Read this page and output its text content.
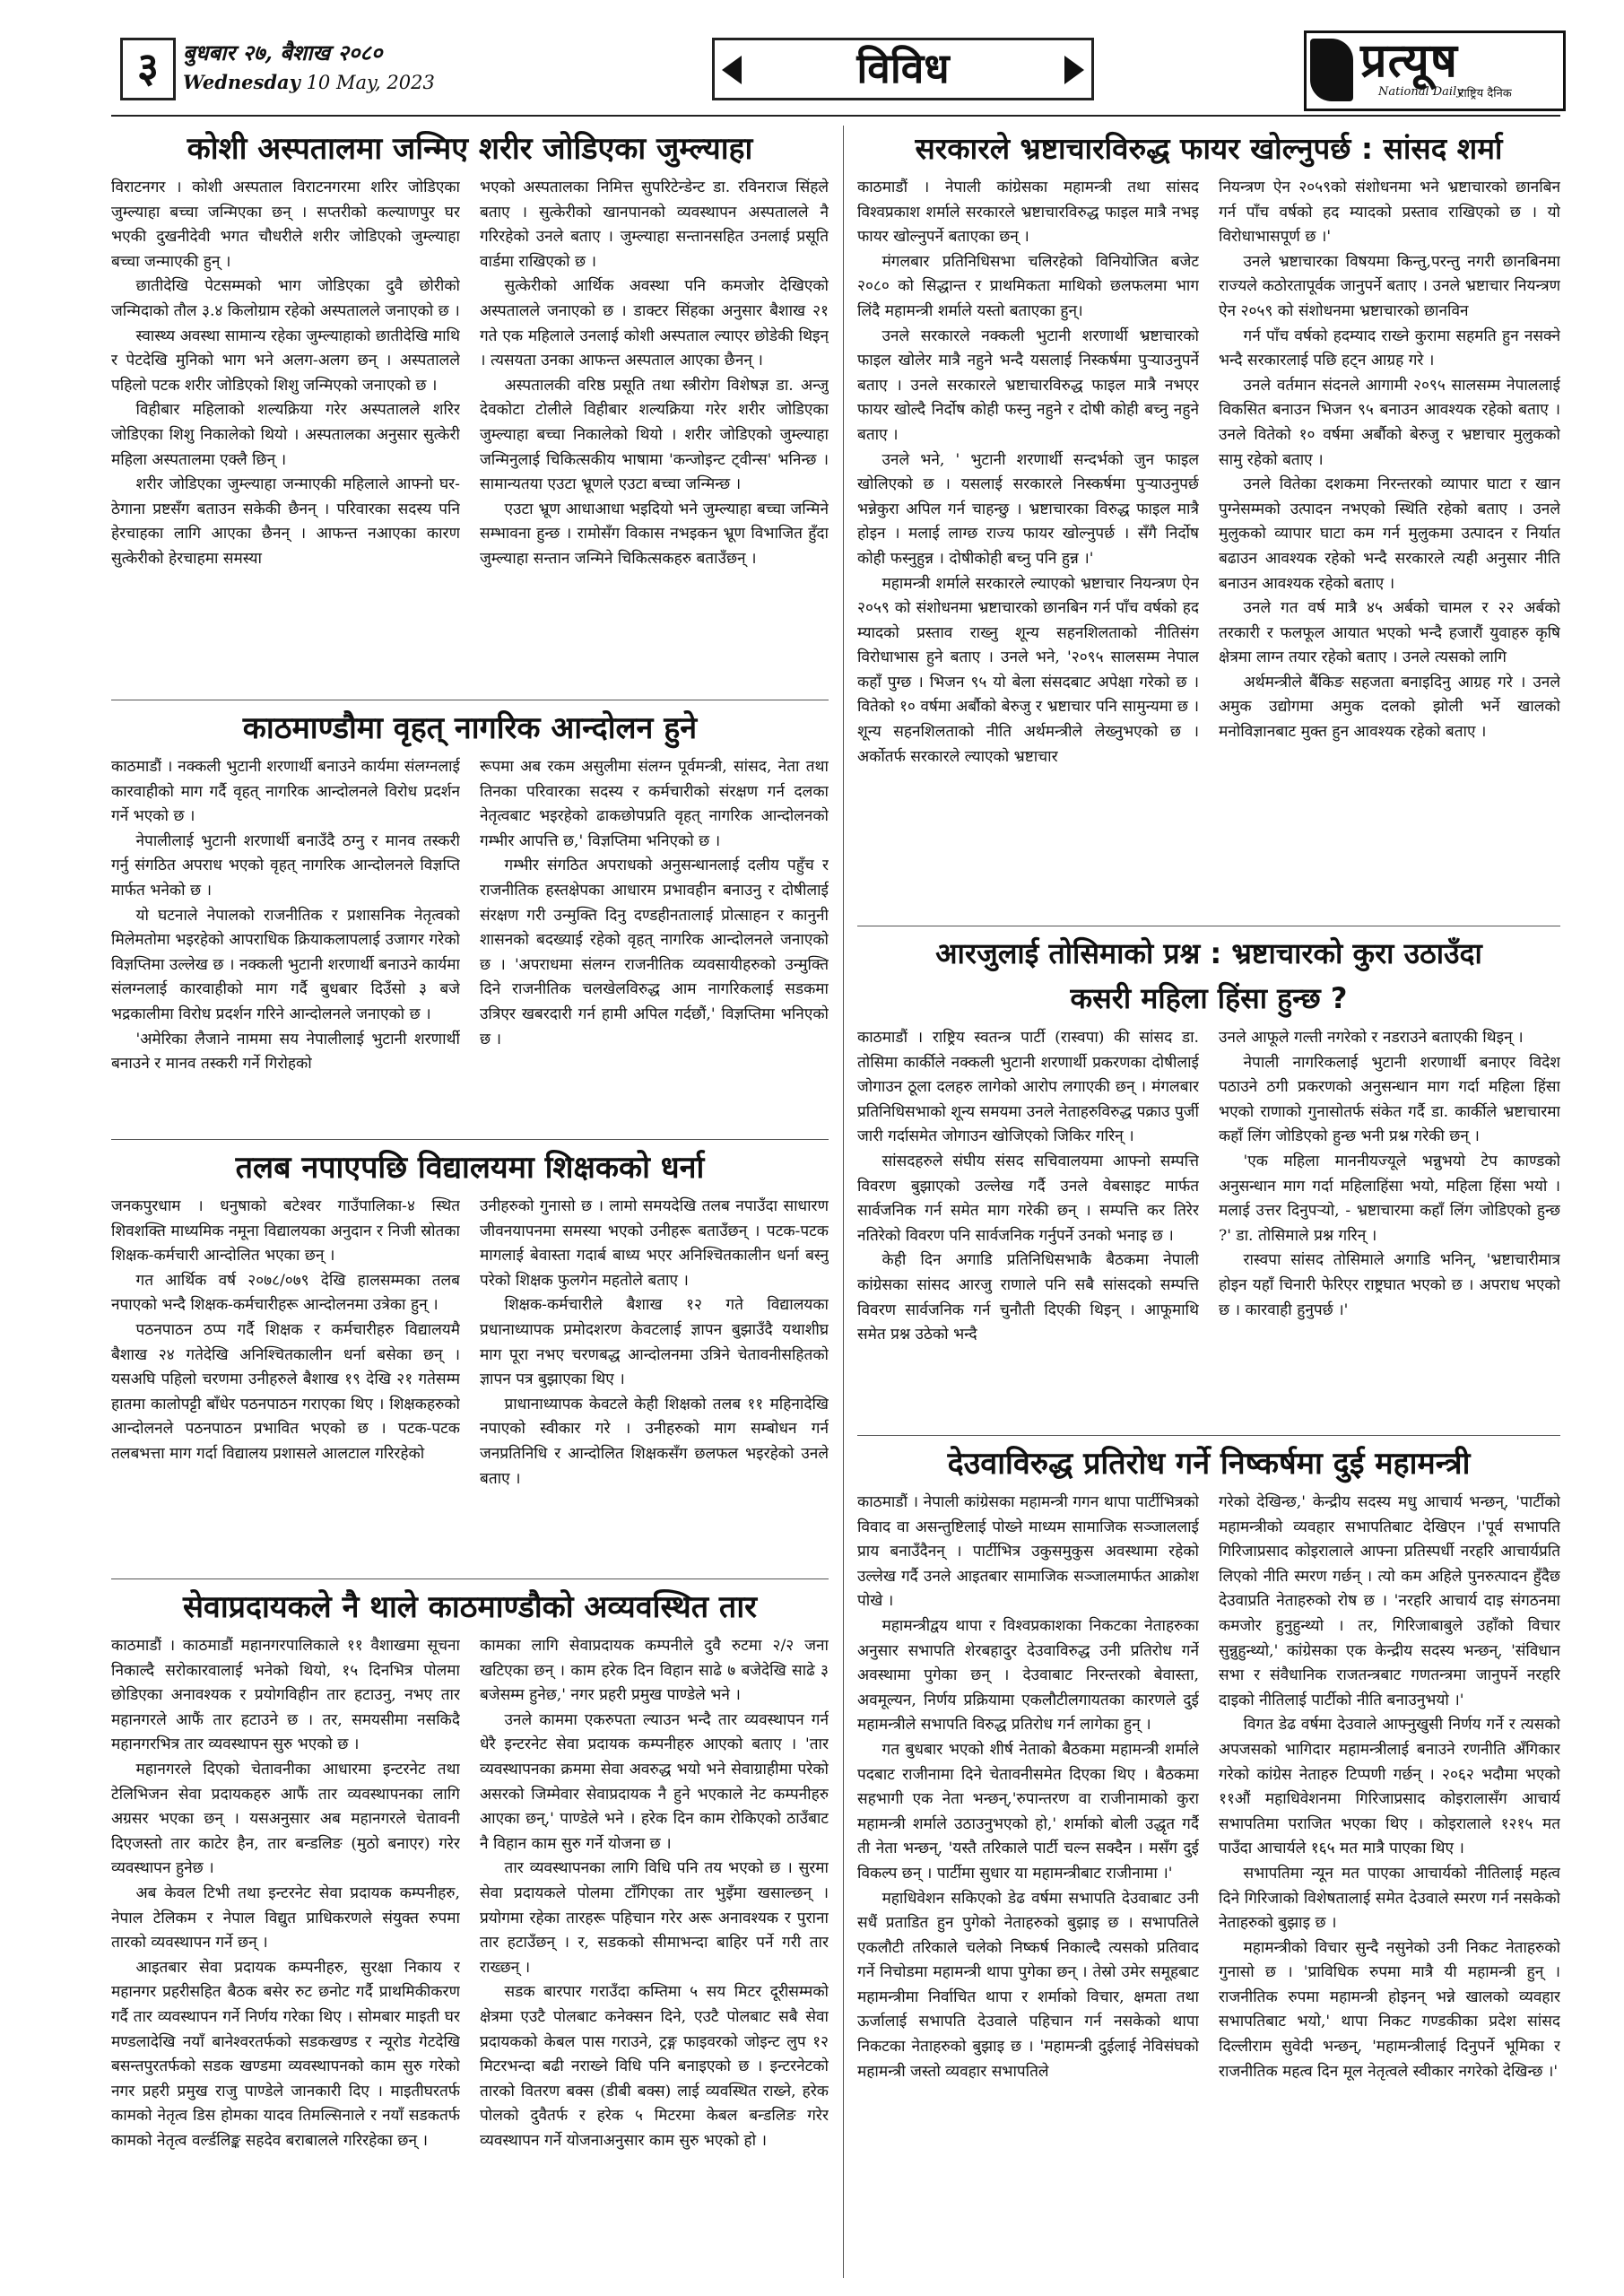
३	बुधबार २७, बैशाख २०८०
Wednesday 10 May, 2023	विविध	प्रत्यूष
National Daily
राष्ट्रिय दैनिक
कोशी अस्पतालमा जन्मिए शरीर जोडिएका जुम्ल्याहा

विराटनगर । कोशी अस्पताल विराटनगरमा शरिर जोडिएका जुम्ल्याहा बच्चा जन्मिएका छन् । सप्तरीको कल्याणपुर घर भएकी दुखनीदेवी भगत चौधरीले शरीर जोडिएको जुम्ल्याहा बच्चा जन्माएकी हुन् ।

छातीदेखि पेटसम्मको भाग जोडिएका दुवै छोरीको जन्मिदाको तौल ३.४ किलोग्राम रहेको अस्पतालले जनाएको छ ।

स्वास्थ्य अवस्था सामान्य रहेका जुम्ल्याहाको छातीदेखि माथि र पेटदेखि मुनिको भाग भने अलग-अलग छन् । अस्पतालले पहिलो पटक शरीर जोडिएको शिशु जन्मिएको जनाएको छ ।

विहीबार महिलाको शल्यक्रिया गरेर अस्पतालले शरिर जोडिएका शिशु निकालेको थियो । अस्पतालका अनुसार सुत्केरी महिला अस्पतालमा एक्लै छिन् ।

शरीर जोडिएका जुम्ल्याहा जन्माएकी महिलाले आफ्नो घर-ठेगाना प्रष्टसँग बताउन सकेकी छैनन् । परिवारका सदस्य पनि हेरचाहका लागि आएका छैनन् । आफन्त नआएका कारण सुत्केरीको हेरचाहमा समस्या

भएको अस्पतालका निमित्त सुपरिटेन्डेन्ट डा. रविनराज सिंहले बताए । सुत्केरीको खानपानको व्यवस्थापन अस्पतालले नै गरिरहेको उनले बताए । जुम्ल्याहा सन्तानसहित उनलाई प्रसूति वार्डमा राखिएको छ ।

सुत्केरीको आर्थिक अवस्था पनि कमजोर देखिएको अस्पतालले जनाएको छ । डाक्टर सिंहका अनुसार बैशाख २१ गते एक महिलाले उनलाई कोशी अस्पताल ल्याएर छोडेकी थिइन् । त्यसयता उनका आफन्त अस्पताल आएका छैनन् ।

अस्पतालकी वरिष्ठ प्रसूति तथा स्त्रीरोग विशेषज्ञ डा. अन्जु देवकोटा टोलीले विहीबार शल्यक्रिया गरेर शरीर जोडिएका जुम्ल्याहा बच्चा निकालेको थियो । शरीर जोडिएको जुम्ल्याहा जन्मिनुलाई चिकित्सकीय भाषामा 'कन्जोइन्ट ट्वीन्स' भनिन्छ । सामान्यतया एउटा भ्रूणले एउटा बच्चा जन्मिन्छ ।

एउटा भ्रूण आधाआधा भइदियो भने जुम्ल्याहा बच्चा जन्मिने सम्भावना हुन्छ । रामोसँग विकास नभइकन भ्रूण विभाजित हुँदा जुम्ल्याहा सन्तान जन्मिने चिकित्सकहरु बताउँछन् ।

काठमाण्डौमा वृहत् नागरिक आन्दोलन हुने

काठमाडौं । नक्कली भुटानी शरणार्थी बनाउने कार्यमा संलग्नलाई कारवाहीको माग गर्दै वृहत् नागरिक आन्दोलनले विरोध प्रदर्शन गर्ने भएको छ ।

नेपालीलाई भुटानी शरणार्थी बनाउँदै ठग्नु र मानव तस्करी गर्नु संगठित अपराध भएको वृहत् नागरिक आन्दोलनले विज्ञप्ति मार्फत भनेको छ ।

यो घटनाले नेपालको राजनीतिक र प्रशासनिक नेतृत्वको मिलेमतोमा भइरहेको आपराधिक क्रियाकलापलाई उजागर गरेको विज्ञप्तिमा उल्लेख छ । नक्कली भुटानी शरणार्थी बनाउने कार्यमा संलग्नलाई कारवाहीको माग गर्दै बुधबार दिउँसो ३ बजे भद्रकालीमा विरोध प्रदर्शन गरिने आन्दोलनले जनाएको छ ।

'अमेरिका लैजाने नाममा सय नेपालीलाई भुटानी शरणार्थी बनाउने र मानव तस्करी गर्ने गिरोहको

रूपमा अब रकम असुलीमा संलग्न पूर्वमन्त्री, सांसद, नेता तथा तिनका परिवारका सदस्य र कर्मचारीको संरक्षण गर्न दलका नेतृत्वबाट भइरहेको ढाकछोपप्रति वृहत् नागरिक आन्दोलनको गम्भीर आपत्ति छ,' विज्ञप्तिमा भनिएको छ ।

गम्भीर संगठित अपराधको अनुसन्धानलाई दलीय पहुँच र राजनीतिक हस्तक्षेपका आधारम प्रभावहीन बनाउनु र दोषीलाई संरक्षण गरी उन्मुक्ति दिनु दण्डहीनतालाई प्रोत्साहन र कानुनी शासनको बदख्याई रहेको वृहत् नागरिक आन्दोलनले जनाएको छ । 'अपराधमा संलग्न राजनीतिक व्यवसायीहरुको उन्मुक्ति दिने राजनीतिक चलखेलविरुद्ध आम नागरिकलाई सडकमा उत्रिएर खबरदारी गर्न हामी अपिल गर्दछौं,' विज्ञप्तिमा भनिएको छ ।

तलब नपाएपछि विद्यालयमा शिक्षकको धर्ना

जनकपुरधाम । धनुषाको बटेश्वर गाउँपालिका-४ स्थित शिवशक्ति माध्यमिक नमूना विद्यालयका अनुदान र निजी स्रोतका शिक्षक-कर्मचारी आन्दोलित भएका छन् ।

गत आर्थिक वर्ष २०७८/०७९ देखि हालसम्मका तलब नपाएको भन्दै शिक्षक-कर्मचारीहरू आन्दोलनमा उत्रेका हुन् ।

पठनपाठन ठप्प गर्दै शिक्षक र कर्मचारीहरु विद्यालयमै बैशाख २४ गतेदेखि अनिश्चितकालीन धर्ना बसेका छन् । यसअघि पहिलो चरणमा उनीहरुले बैशाख १९ देखि २१ गतेसम्म हातमा कालोपट्टी बाँधेर पठनपाठन गराएका थिए । शिक्षकहरुको आन्दोलनले पठनपाठन प्रभावित भएको छ । पटक-पटक तलबभत्ता माग गर्दा विद्यालय प्रशासले आलटाल गरिरहेको

उनीहरुको गुनासो छ । लामो समयदेखि तलब नपाउँदा साधारण जीवनयापनमा समस्या भएको उनीहरू बताउँछन् । पटक-पटक मागलाई बेवास्ता गदार्ब बाध्य भएर अनिश्चितकालीन धर्ना बस्नु परेको शिक्षक फुलगेन महतोले बताए ।

शिक्षक-कर्मचारीले बैशाख १२ गते विद्यालयका प्रधानाध्यापक प्रमोदशरण केवटलाई ज्ञापन बुझाउँदै यथाशीघ्र माग पूरा नभए चरणबद्ध आन्दोलनमा उत्रिने चेतावनीसहितको ज्ञापन पत्र बुझाएका थिए ।

प्राधानाध्यापक केवटले केही शिक्षको तलब ११ महिनादेखि नपाएको स्वीकार गरे । उनीहरुको माग सम्बोधन गर्न जनप्रतिनिधि र आन्दोलित शिक्षकसँग छलफल भइरहेको उनले बताए ।

सेवाप्रदायकले नै थाले काठमाण्डौको अव्यवस्थित तार

काठमाडौं । काठमाडौं महानगरपालिकाले ११ वैशाखमा सूचना निकाल्दै सरोकारवालाई भनेको थियो, १५ दिनभित्र पोलमा छोडिएका अनावश्यक र प्रयोगविहीन तार हटाउनु, नभए तार महानगरले आफैं तार हटाउने छ । तर, समयसीमा नसकिदै महानगरभित्र तार व्यवस्थापन सुरु भएको छ ।

महानगरले दिएको चेतावनीका आधारमा इन्टरनेट तथा टेलिभिजन सेवा प्रदायकहरु आफैं तार व्यवस्थापनका लागि अग्रसर भएका छन् । यसअनुसार अब महानगरले चेतावनी दिएजस्तो तार काटेर हैन, तार बन्डलिङ (मुठो बनाएर) गरेर व्यवस्थापन हुनेछ ।

अब केवल टिभी तथा इन्टरनेट सेवा प्रदायक कम्पनीहरु, नेपाल टेलिकम र नेपाल विद्युत प्राधिकरणले संयुक्त रुपमा तारको व्यवस्थापन गर्ने छन् ।

आइतबार सेवा प्रदायक कम्पनीहरु, सुरक्षा निकाय र महानगर प्रहरीसहित बैठक बसेर रुट छनोट गर्दै प्राथमिकीकरण गर्दै तार व्यवस्थापन गर्ने निर्णय गरेका थिए । सोमबार माइती घर मण्डलादेखि नयाँ बानेश्वरतर्फको सडकखण्ड र न्यूरोड गेटदेखि बसन्तपुरतर्फको सडक खण्डमा व्यवस्थापनको काम सुरु गरेको नगर प्रहरी प्रमुख राजु पाण्डेले जानकारी दिए । माइतीघरतर्फ कामको नेतृत्व डिस होमका यादव तिमल्सिनाले र नयाँ सडकतर्फ कामको नेतृत्व वर्ल्डलिङ्क सहदेव बराबालले गरिरहेका छन् ।

कामका लागि सेवाप्रदायक कम्पनीले दुवै रुटमा २/२ जना खटिएका छन् । काम हरेक दिन विहान साढे ७ बजेदेखि साढे ३ बजेसम्म हुनेछ,' नगर प्रहरी प्रमुख पाण्डेले भने ।

उनले काममा एकरुपता ल्याउन भन्दै तार व्यवस्थापन गर्न धेरै इन्टरनेट सेवा प्रदायक कम्पनीहरु आएको बताए । 'तार व्यवस्थापनका क्रममा सेवा अवरुद्ध भयो भने सेवाग्राहीमा परेको असरको जिम्मेवार सेवाप्रदायक नै हुने भएकाले नेट कम्पनीहरु आएका छन्,' पाण्डेले भने । हरेक दिन काम रोकिएको ठाउँबाट नै विहान काम सुरु गर्ने योजना छ ।

तार व्यवस्थापनका लागि विधि पनि तय भएको छ । सुरमा सेवा प्रदायकले पोलमा टाँगिएका तार भुइँमा खसाल्छन् । प्रयोगमा रहेका तारहरू पहिचान गरेर अरू अनावश्यक र पुराना तार हटाउँछन् । र, सडकको सीमाभन्दा बाहिर पर्ने गरी तार राख्छन् ।

सडक बारपार गराउँदा कम्तिमा ५ सय मिटर दूरीसम्मको क्षेत्रमा एउटै पोलबाट कनेक्सन दिने, एउटै पोलबाट सबै सेवा प्रदायकको केबल पास गराउने, ट्रङ्ग फाइवरको जोइन्ट लुप १२ मिटरभन्दा बढी नराख्ने विधि पनि बनाइएको छ । इन्टरनेटको तारको वितरण बक्स (डीबी बक्स) लाई व्यवस्थित राख्ने, हरेक पोलको दुवैतर्फ र हरेक ५ मिटरमा केबल बन्डलिङ गरेर व्यवस्थापन गर्ने योजनाअनुसार काम सुरु भएको हो ।

सरकारले भ्रष्टाचारविरुद्ध फायर खोल्नुपर्छ : सांसद शर्मा

काठमाडौं । नेपाली कांग्रेसका महामन्त्री तथा सांसद विश्वप्रकाश शर्माले सरकारले भ्रष्टाचारविरुद्ध फाइल मात्रै नभइ फायर खोल्नुपर्ने बताएका छन् ।

मंगलबार प्रतिनिधिसभा चलिरहेको विनियोजित बजेट २०८० को सिद्धान्त र प्राथमिकता माथिको छलफलमा भाग लिंदै महामन्त्री शर्माले यस्तो बताएका हुन्।

उनले सरकारले नक्कली भुटानी शरणार्थी भ्रष्टाचारको फाइल खोलेर मात्रै नहुने भन्दै यसलाई निस्कर्षमा पुऱ्याउनुपर्ने बताए । उनले सरकारले भ्रष्टाचारविरुद्ध फाइल मात्रै नभएर फायर खोल्दै निर्दोष कोही फस्नु नहुने र दोषी कोही बच्नु नहुने बताए ।

उनले भने, ' भुटानी शरणार्थी सन्दर्भको जुन फाइल खोलिएको छ । यसलाई सरकारले निस्कर्षमा पुऱ्याउनुपर्छ भन्नेकुरा अपिल गर्न चाहन्छु । भ्रष्टाचारका विरुद्ध फाइल मात्रै होइन । मलाई लाग्छ राज्य फायर खोल्नुपर्छ । सँगै निर्दोष कोही फस्नुहुन्न । दोषीकोही बच्नु पनि हुन्न ।'

महामन्त्री शर्माले सरकारले ल्याएको भ्रष्टाचार नियन्त्रण ऐन २०५९ को संशोधनमा भ्रष्टाचारको छानबिन गर्न पाँच वर्षको हद म्यादको प्रस्ताव राख्नु शून्य सहनशिलताको नीतिसंग विरोधाभास हुने बताए । उनले भने, '२०९५ सालसम्म नेपाल कहाँ पुग्छ । भिजन ९५ यो बेला संसदबाट अपेक्षा गरेको छ । वितेको १० वर्षमा अर्बौको बेरुजु र भ्रष्टाचार पनि सामुन्यमा छ । शून्य सहनशिलताको नीति अर्थमन्त्रीले लेख्नुभएको छ । अर्कोतर्फ सरकारले ल्याएको भ्रष्टाचार

नियन्त्रण ऐन २०५९को संशोधनमा भने भ्रष्टाचारको छानबिन गर्न पाँच वर्षको हद म्यादको प्रस्ताव राखिएको छ । यो विरोधाभासपूर्ण छ ।'

उनले भ्रष्टाचारका विषयमा किन्तु,परन्तु नगरी छानबिनमा राज्यले कठोरतापूर्वक जानुपर्ने बताए । उनले भ्रष्टाचार नियन्त्रण ऐन २०५९ को संशोधनमा भ्रष्टाचारको छानविन

गर्न पाँच वर्षको हदम्याद राख्ने कुरामा सहमति हुन नसक्ने भन्दै सरकारलाई पछि हट्न आग्रह गरे ।

उनले वर्तमान संदनले आगामी २०९५ सालसम्म नेपाललाई विकसित बनाउन भिजन ९५ बनाउन आवश्यक रहेको बताए । उनले वितेको १० वर्षमा अर्बौको बेरुजु र भ्रष्टाचार मुलुकको सामु रहेको बताए ।

उनले वितेका दशकमा निरन्तरको व्यापार घाटा र खान पुग्नेसम्मको उत्पादन नभएको स्थिति रहेको बताए । उनले मुलुकको व्यापार घाटा कम गर्न मुलुकमा उत्पादन र निर्यात बढाउन आवश्यक रहेको भन्दै सरकारले त्यही अनुसार नीति बनाउन आवश्यक रहेको बताए ।

उनले गत वर्ष मात्रै ४५ अर्बको चामल र २२ अर्बको तरकारी र फलफूल आयात भएको भन्दै हजारौं युवाहरु कृषि क्षेत्रमा लाग्न तयार रहेको बताए । उनले त्यसको लागि

अर्थमन्त्रीले बैंकिङ सहजता बनाइदिनु आग्रह गरे । उनले अमुक उद्योगमा अमुक दलको झोली भर्ने खालको मनोविज्ञानबाट मुक्त हुन आवश्यक रहेको बताए ।

आरजुलाई तोसिमाको प्रश्न : भ्रष्टाचारको कुरा उठाउँदा
कसरी महिला हिंसा हुन्छ ?

काठमाडौं । राष्ट्रिय स्वतन्त्र पार्टी (रास्वपा) की सांसद डा. तोसिमा कार्कीले नक्कली भुटानी शरणार्थी प्रकरणका दोषीलाई जोगाउन ठूला दलहरु लागेको आरोप लगाएकी छन् । मंगलबार प्रतिनिधिसभाको शून्य समयमा उनले नेताहरुविरुद्ध पक्राउ पुर्जी जारी गर्दासमेत जोगाउन खोजिएको जिकिर गरिन् ।

सांसदहरुले संघीय संसद सचिवालयमा आफ्नो सम्पत्ति विवरण बुझाएको उल्लेख गर्दै उनले वेबसाइट मार्फत सार्वजनिक गर्न समेत माग गरेकी छन् । सम्पत्ति कर तिरेर नतिरेको विवरण पनि सार्वजनिक गर्नुपर्ने उनको भनाइ छ ।

केही दिन अगाडि प्रतिनिधिसभाकै बैठकमा नेपाली कांग्रेसका सांसद आरजु राणाले पनि सबै सांसदको सम्पत्ति विवरण सार्वजनिक गर्न चुनौती दिएकी थिइन् । आफूमाथि समेत प्रश्न उठेको भन्दै

उनले आफूले गल्ती नगरेको र नडराउने बताएकी थिइन् ।

नेपाली नागरिकलाई भुटानी शरणार्थी बनाएर विदेश पठाउने ठगी प्रकरणको अनुसन्धान माग गर्दा महिला हिंसा भएको राणाको गुनासोतर्फ संकेत गर्दै डा. कार्कीले भ्रष्टाचारमा कहाँ लिंग जोडिएको हुन्छ भनी प्रश्न गरेकी छन् ।

'एक महिला माननीयज्यूले भन्नुभयो टेप काण्डको अनुसन्धान माग गर्दा महिलाहिंसा भयो, महिला हिंसा भयो । मलाई उत्तर दिनुपऱ्यो, - भ्रष्टाचारमा कहाँ लिंग जोडिएको हुन्छ ?' डा. तोसिमाले प्रश्न गरिन् ।

रास्वपा सांसद तोसिमाले अगाडि भनिन्, 'भ्रष्टाचारीमात्र होइन यहाँ चिनारी फेरिएर राष्ट्रघात भएको छ । अपराध भएको छ । कारवाही हुनुपर्छ ।'

देउवाविरुद्ध प्रतिरोध गर्ने निष्कर्षमा दुई महामन्त्री

काठमाडौं । नेपाली कांग्रेसका महामन्त्री गगन थापा पार्टीभित्रको विवाद वा असन्तुष्टिलाई पोख्ने माध्यम सामाजिक सञ्जाललाई प्राय बनाउँदैनन् । पार्टीभित्र उकुसमुकुस अवस्थामा रहेको उल्लेख गर्दै उनले आइतबार सामाजिक सञ्जालमार्फत आक्रोश पोखे ।

महामन्त्रीद्वय थापा र विश्वप्रकाशका निकटका नेताहरुका अनुसार सभापति शेरबहादुर देउवाविरुद्ध उनी प्रतिरोध गर्ने अवस्थामा पुगेका छन् । देउवाबाट निरन्तरको बेवास्ता, अवमूल्यन, निर्णय प्रक्रियामा एकलौटीलगायतका कारणले दुई महामन्त्रीले सभापति विरुद्ध प्रतिरोध गर्न लागेका हुन् ।

गत बुधबार भएको शीर्ष नेताको बैठकमा महामन्त्री शर्माले पदबाट राजीनामा दिने चेतावनीसमेत दिएका थिए । बैठकमा सहभागी एक नेता भन्छन्,'रुपान्तरण वा राजीनामाको कुरा महामन्त्री शर्माले उठाउनुभएको हो,' शर्माको बोली उद्धृत गर्दै ती नेता भन्छन्, 'यस्तै तरिकाले पार्टी चल्न सक्दैन । मसँग दुई विकल्प छन् । पार्टीमा सुधार या महामन्त्रीबाट राजीनामा ।'

महाधिवेशन सकिएको डेढ वर्षमा सभापति देउवाबाट उनी सधैं प्रताडित हुन पुगेको नेताहरुको बुझाइ छ । सभापतिले एकलौटी तरिकाले चलेको निष्कर्ष निकाल्दै त्यसको प्रतिवाद गर्ने निचोडमा महामन्त्री थापा पुगेका छन् । तेस्रो उमेर समूहबाट महामन्त्रीमा निर्वाचित थापा र शर्माको विचार, क्षमता तथा ऊर्जालाई सभापति देउवाले पहिचान गर्न नसकेको थापा निकटका नेताहरुको बुझाइ छ । 'महामन्त्री दुईलाई नेविसंघको महामन्त्री जस्तो व्यवहार सभापतिले

गरेको देखिन्छ,' केन्द्रीय सदस्य मधु आचार्य भन्छन्, 'पार्टीको महामन्त्रीको व्यवहार सभापतिबाट देखिएन ।'पूर्व सभापति गिरिजाप्रसाद कोइरालाले आफ्ना प्रतिस्पर्धी नरहरि आचार्यप्रति लिएको नीति स्मरण गर्छन् । त्यो कम अहिले पुनरुत्पादन हुँदैछ देउवाप्रति नेताहरुको रोष छ । 'नरहरि आचार्य दाइ संगठनमा कमजोर हुनुहुन्थ्यो । तर, गिरिजाबाबुले उहाँको विचार सुन्नुहुन्थ्यो,' कांग्रेसका एक केन्द्रीय सदस्य भन्छन्, 'संविधान सभा र संवैधानिक राजतन्त्रबाट गणतन्त्रमा जानुपर्ने नरहरि दाइको नीतिलाई पार्टीको नीति बनाउनुभयो ।'

विगत डेढ वर्षमा देउवाले आफ्नुखुसी निर्णय गर्ने र त्यसको अपजसको भागिदार महामन्त्रीलाई बनाउने रणनीति अँगिकार गरेको कांग्रेस नेताहरु टिप्पणी गर्छन् । २०६२ भदौमा भएको ११औं महाधिवेशनमा गिरिजाप्रसाद कोइरालासँग आचार्य सभापतिमा पराजित भएका थिए । कोइरालाले १२१५ मत पाउँदा आचार्यले १६५ मत मात्रै पाएका थिए ।

सभापतिमा न्यून मत पाएका आचार्यको नीतिलाई महत्व दिने गिरिजाको विशेषतालाई समेत देउवाले स्मरण गर्न नसकेको नेताहरुको बुझाइ छ ।

महामन्त्रीको विचार सुन्दै नसुनेको उनी निकट नेताहरुको गुनासो छ । 'प्राविधिक रुपमा मात्रै यी महामन्त्री हुन् । राजनीतिक रुपमा महामन्त्री होइनन् भन्ने खालको व्यवहार सभापतिबाट भयो,' थापा निकट गण्डकीका प्रदेश सांसद दिल्लीराम सुवेदी भन्छन्, 'महामन्त्रीलाई दिनुपर्ने भूमिका र राजनीतिक महत्व दिन मूल नेतृत्वले स्वीकार नगरेको देखिन्छ ।'
